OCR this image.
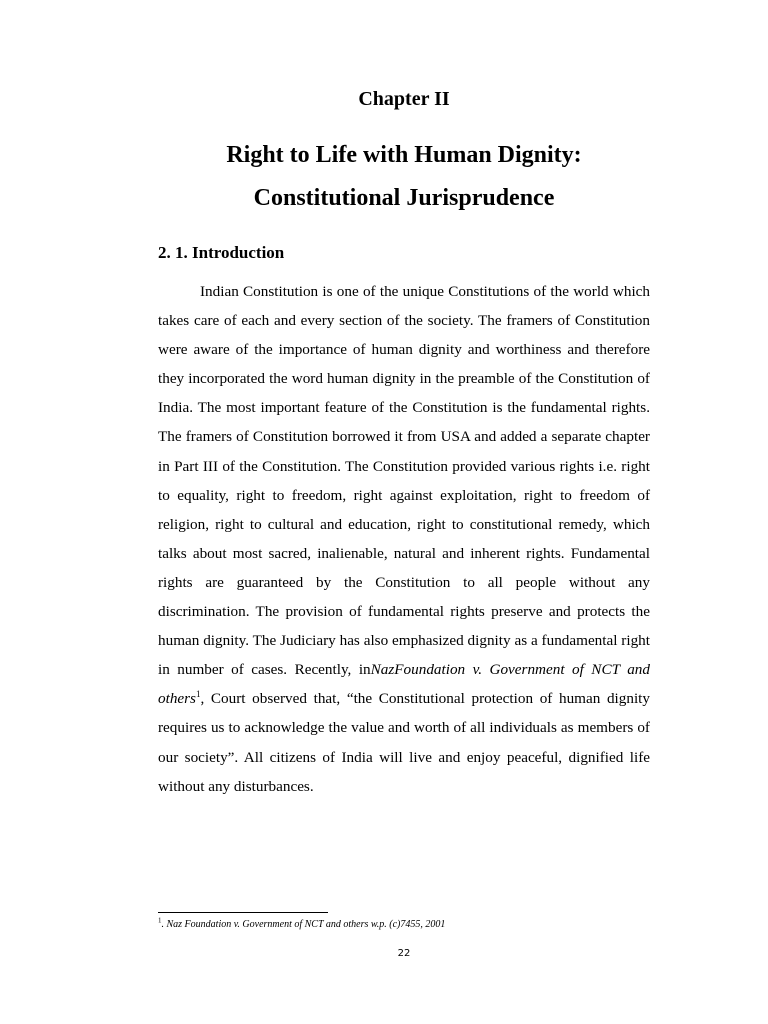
Chapter II
Right to Life with Human Dignity:
Constitutional Jurisprudence
2. 1. Introduction

Indian Constitution is one of the unique Constitutions of the world which takes care of each and every section of the society. The framers of Constitution were aware of the importance of human dignity and worthiness and therefore they incorporated the word human dignity in the preamble of the Constitution of India. The most important feature of the Constitution is the fundamental rights. The framers of Constitution borrowed it from USA and added a separate chapter in Part III of the Constitution. The Constitution provided various rights i.e. right to equality, right to freedom, right against exploitation, right to freedom of religion, right to cultural and education, right to constitutional remedy, which talks about most sacred, inalienable, natural and inherent rights. Fundamental rights are guaranteed by the Constitution to all people without any discrimination. The provision of fundamental rights preserve and protects the human dignity. The Judiciary has also emphasized dignity as a fundamental right in number of cases. Recently, inNazFoundation v. Government of NCT and others$^1$, Court observed that, “the Constitutional protection of human dignity requires us to acknowledge the value and worth of all individuals as members of our society”. All citizens of India will live and enjoy peaceful, dignified life without any disturbances.

$^1$. Naz Foundation v. Government of NCT and others w.p. (c)7455, 2001
22
